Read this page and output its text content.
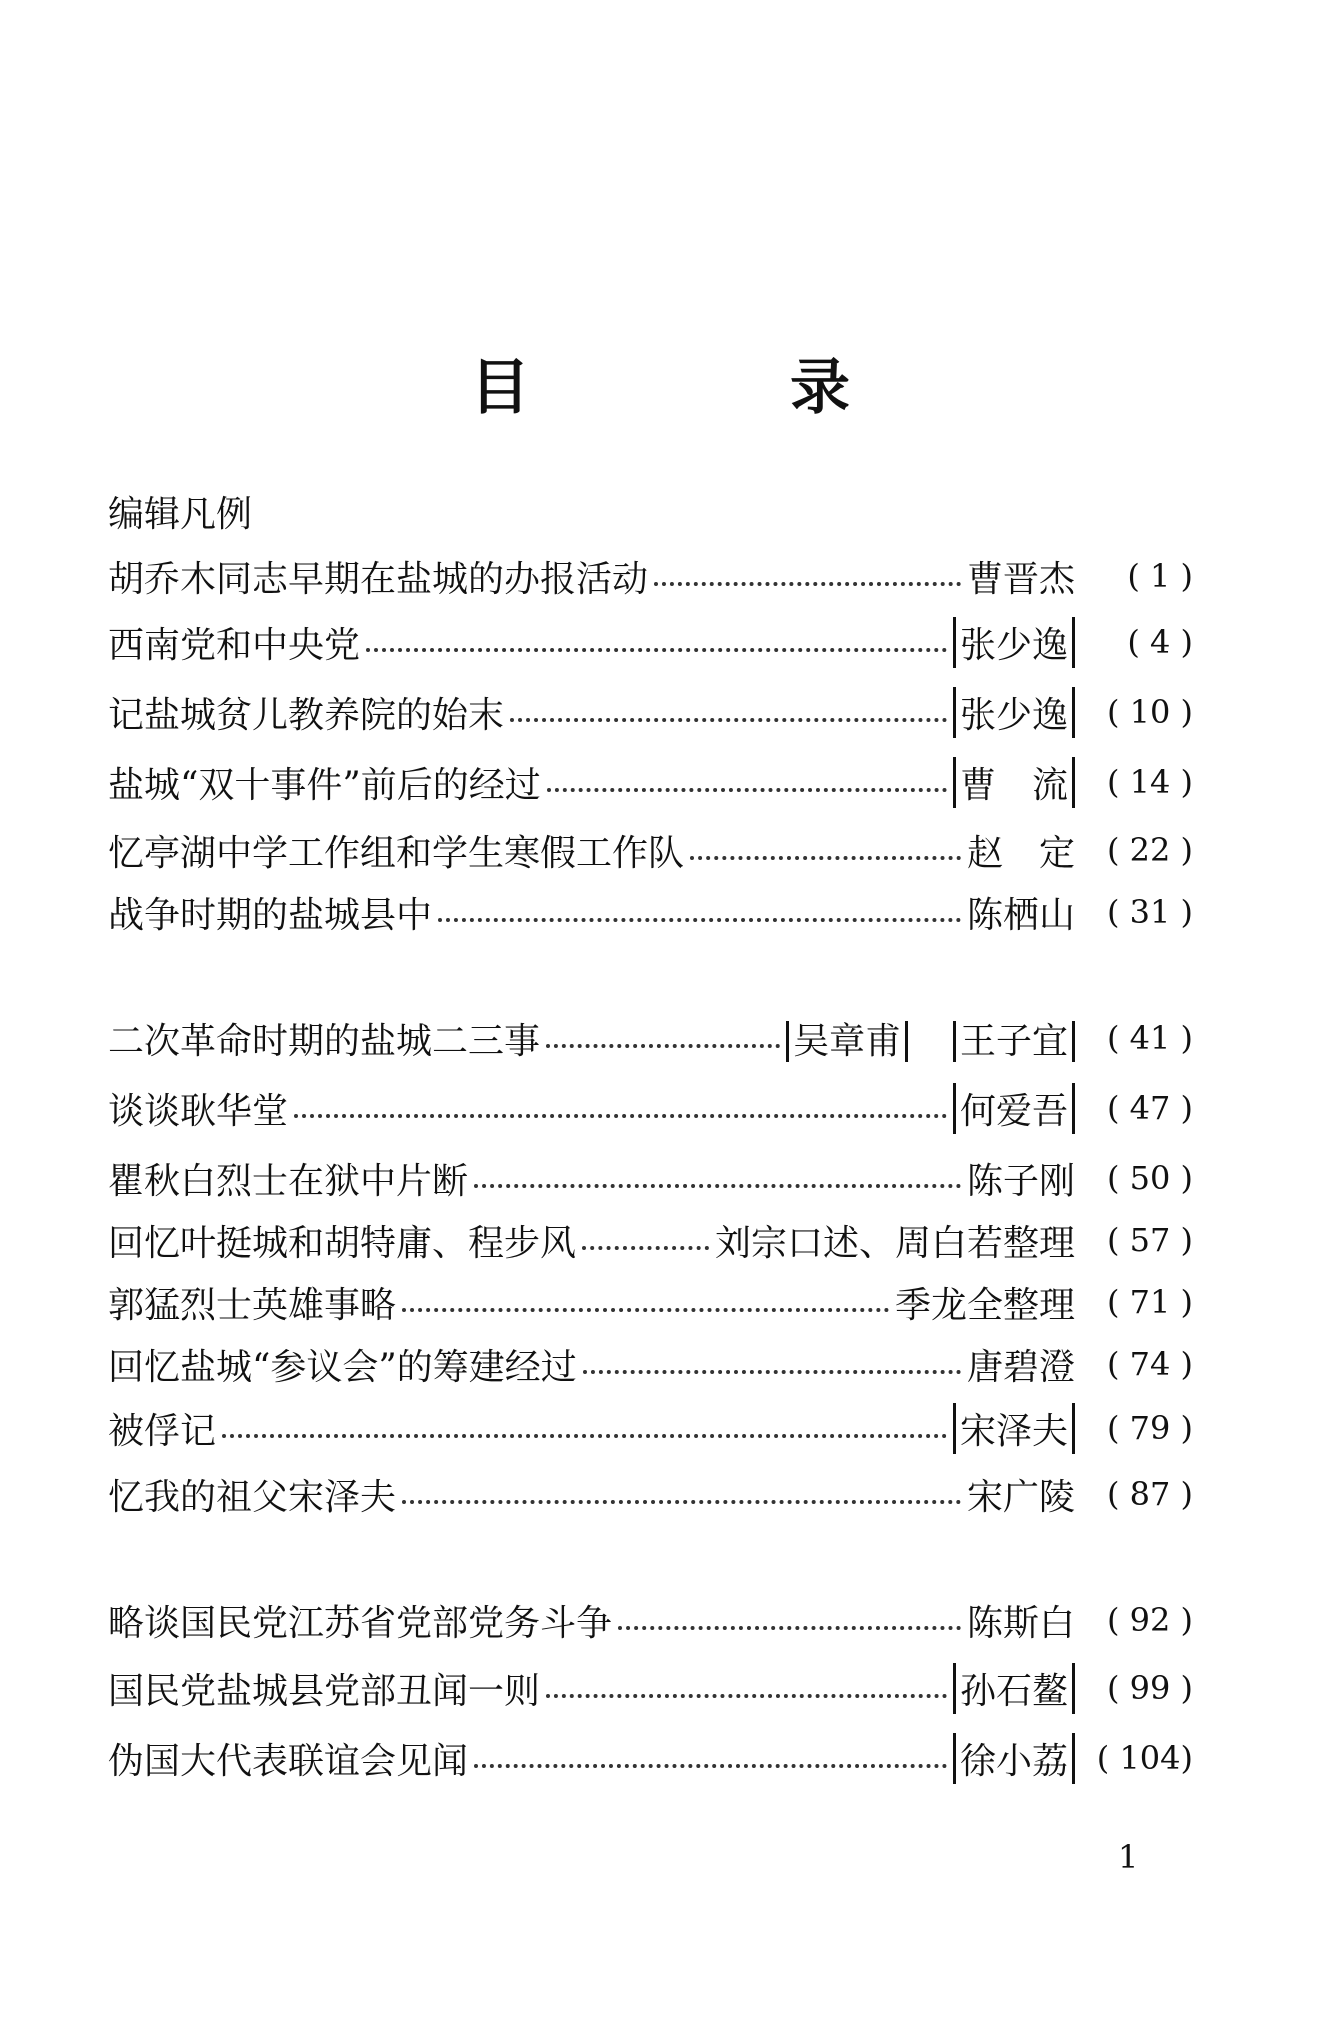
目　录
编辑凡例
胡乔木同志早期在盐城的办报活动	曹晋杰	( 1 )
西南党和中央党	张少逸	( 4 )
记盐城贫儿教养院的始末	张少逸	( 10 )
盐城“双十事件”前后的经过	曹　流	( 14 )
忆亭湖中学工作组和学生寒假工作队	赵　定 ( 22 )
战争时期的盐城县中	陈栖山 ( 31 )
二次革命时期的盐城二三事	吴章甫 王子宜	( 41 )
谈谈耿华堂	何爱吾	( 47 )
瞿秋白烈士在狱中片断	陈子刚 ( 50 )
回忆叶挺城和胡特庸、程步风	刘宗口述、周白若整理 ( 57 )
郭猛烈士英雄事略	季龙全整理 ( 71 )
回忆盐城“参议会”的筹建经过	唐碧澄 ( 74 )
被俘记	宋泽夫	( 79 )
忆我的祖父宋泽夫	宋广陵 ( 87 )
略谈国民党江苏省党部党务斗争	陈斯白 ( 92 )
国民党盐城县党部丑闻一则	孙石鳌	( 99 )
伪国大代表联谊会见闻	徐小荔 ( 104)
1
